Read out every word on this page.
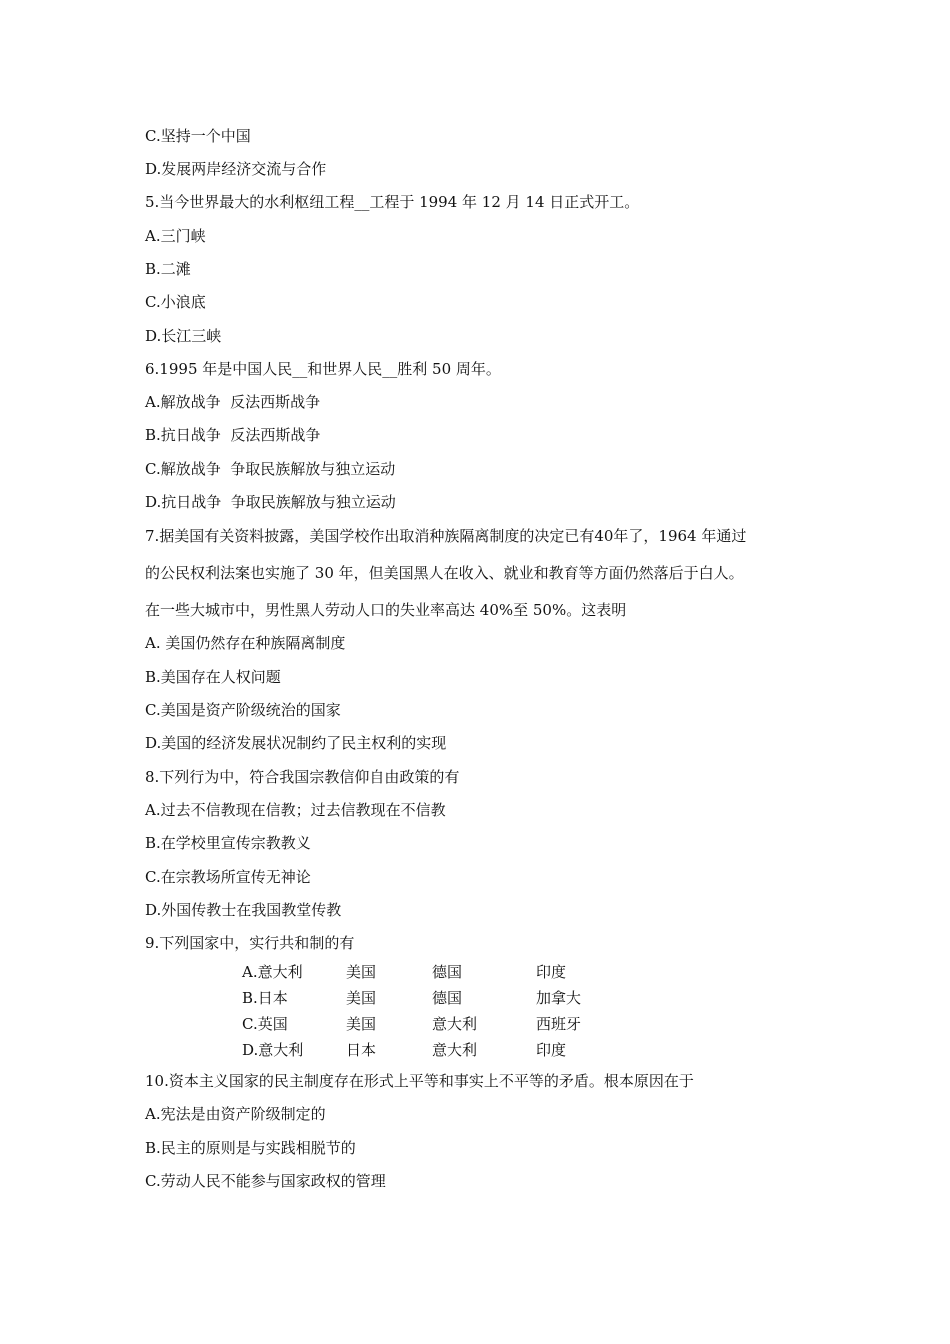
C.坚持一个中国
D.发展两岸经济交流与合作
5.当今世界最大的水利枢纽工程__工程于 1994 年 12 月 14 日正式开工。
A.三门峡
B.二滩
C.小浪底
D.长江三峡
6.1995 年是中国人民__和世界人民__胜利 50 周年。
A.解放战争  反法西斯战争
B.抗日战争  反法西斯战争
C.解放战争  争取民族解放与独立运动
D.抗日战争  争取民族解放与独立运动
7.据美国有关资料披露，美国学校作出取消种族隔离制度的决定已有40年了，1964 年通过
的公民权利法案也实施了 30 年，但美国黑人在收入、就业和教育等方面仍然落后于白人。
在一些大城市中，男性黑人劳动人口的失业率高达 40%至 50%。这表明
A. 美国仍然存在种族隔离制度
B.美国存在人权问题
C.美国是资产阶级统治的国家
D.美国的经济发展状况制约了民主权利的实现
8.下列行为中，符合我国宗教信仰自由政策的有
A.过去不信教现在信教；过去信教现在不信教
B.在学校里宣传宗教教义
C.在宗教场所宣传无神论
D.外国传教士在我国教堂传教
9.下列国家中，实行共和制的有

A.意大利

	美国

	德国

	印度

B.日本

	美国

	德国

	加拿大

C.英国

	美国

	意大利

	西班牙

D.意大利

	日本

	意大利

	印度

10.资本主义国家的民主制度存在形式上平等和事实上不平等的矛盾。根本原因在于
A.宪法是由资产阶级制定的
B.民主的原则是与实践相脱节的
C.劳动人民不能参与国家政权的管理
